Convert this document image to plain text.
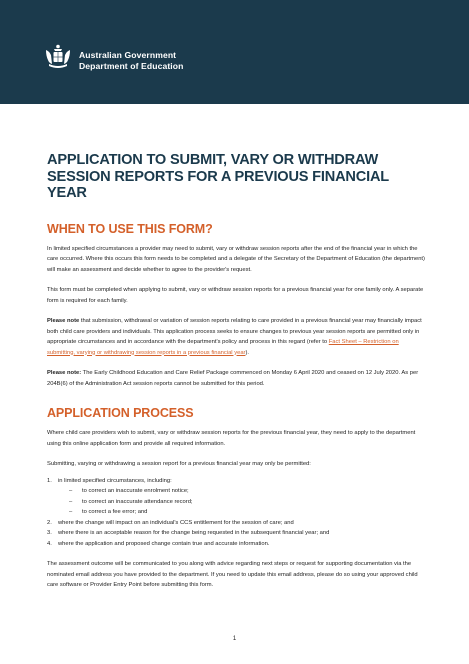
Australian Government
Department of Education
APPLICATION TO SUBMIT, VARY OR WITHDRAW SESSION REPORTS FOR A PREVIOUS FINANCIAL YEAR
WHEN TO USE THIS FORM?

In limited specified circumstances a provider may need to submit, vary or withdraw session reports after the end of the financial year in which the care occurred. Where this occurs this form needs to be completed and a delegate of the Secretary of the Department of Education (the department) will make an assessment and decide whether to agree to the provider's request.

This form must be completed when applying to submit, vary or withdraw session reports for a previous financial year for one family only. A separate form is required for each family.

Please note that submission, withdrawal or variation of session reports relating to care provided in a previous financial year may financially impact both child care providers and individuals. This application process seeks to ensure changes to previous year session reports are permitted only in appropriate circumstances and in accordance with the department's policy and process in this regard (refer to Fact Sheet – Restriction on submitting, varying or withdrawing session reports in a previous financial year).

Please note: The Early Childhood Education and Care Relief Package commenced on Monday 6 April 2020 and ceased on 12 July 2020. As per 204B(6) of the Administration Act session reports cannot be submitted for this period.

APPLICATION PROCESS

Where child care providers wish to submit, vary or withdraw session reports for the previous financial year, they need to apply to the department using this online application form and provide all required information.

Submitting, varying or withdrawing a session report for a previous financial year may only be permitted:

1. in limited specified circumstances, including:
– to correct an inaccurate enrolment notice;
– to correct an inaccurate attendance record;
– to correct a fee error; and
2. where the change will impact on an individual's CCS entitlement for the session of care; and
3. where there is an acceptable reason for the change being requested in the subsequent financial year; and
4. where the application and proposed change contain true and accurate information.

The assessment outcome will be communicated to you along with advice regarding next steps or request for supporting documentation via the nominated email address you have provided to the department. If you need to update this email address, please do so using your approved child care software or Provider Entry Point before submitting this form.

1
